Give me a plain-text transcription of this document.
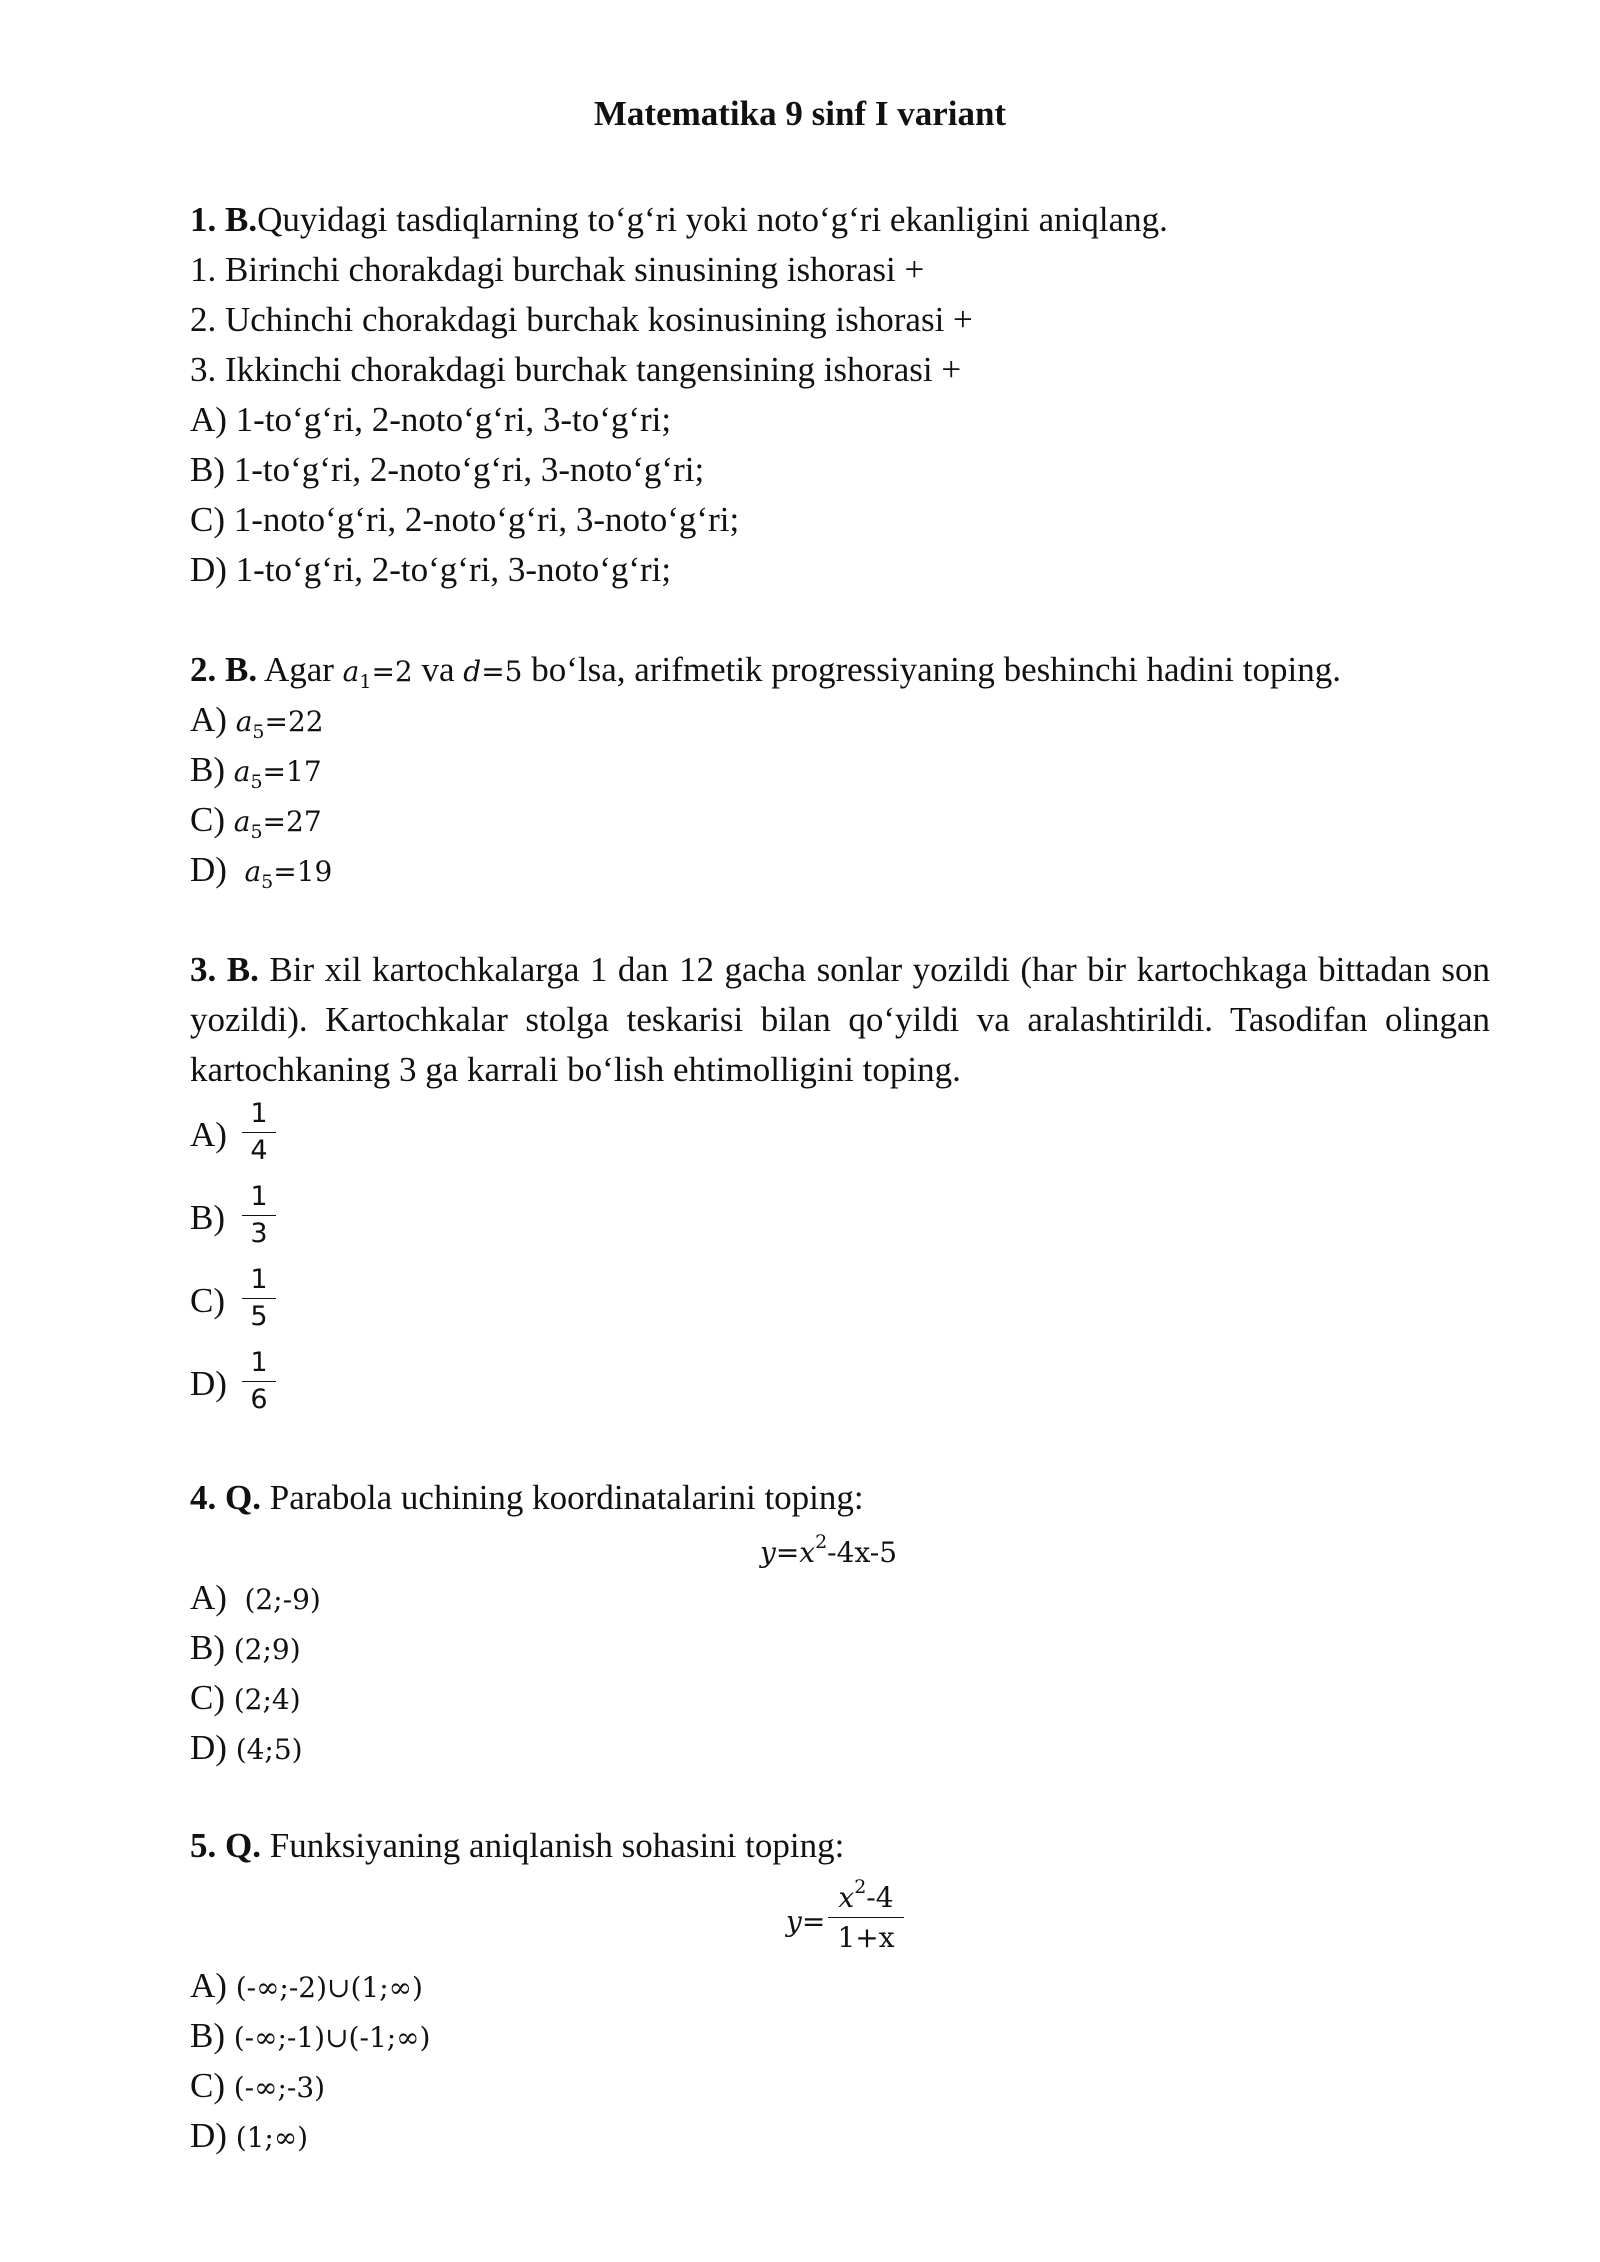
Matematika 9 sinf I variant
1. B.Quyidagi tasdiqlarning to‘g‘ri yoki noto‘g‘ri ekanligini aniqlang.
1. Birinchi chorakdagi burchak sinusining ishorasi +
2. Uchinchi chorakdagi burchak kosinusining ishorasi +
3. Ikkinchi chorakdagi burchak tangensining ishorasi +
A) 1-to‘g‘ri, 2-noto‘g‘ri, 3-to‘g‘ri;
B) 1-to‘g‘ri, 2-noto‘g‘ri, 3-noto‘g‘ri;
C) 1-noto‘g‘ri, 2-noto‘g‘ri, 3-noto‘g‘ri;
D) 1-to‘g‘ri, 2-to‘g‘ri, 3-noto‘g‘ri;
2. B. Agar $a_1=2$ va d=5 bo‘lsa, arifmetik progressiyaning beshinchi hadini toping.
A) $a_5=22$
B) $a_5=17$
C) $a_5=27$
D) $a_5=19$
3. B. Bir xil kartochkalarga 1 dan 12 gacha sonlar yozildi (har bir kartochkaga bittadan son yozildi). Kartochkalar stolga teskarisi bilan qo‘yildi va aralashtirildi. Tasodifan olingan kartochkaning 3 ga karrali bo‘lish ehtimolligini toping.
A)
1
4
B)
1
3
C)
1
5
D)
1
6
4. Q. Parabola uchining koordinatalarini toping:
$y=x^2-4x-5$
A) (2;-9)
B) (2;9)
C) (2;4)
D) (4;5)
5. Q. Funksiyaning aniqlanish sohasini toping:
y=
$x^2-4$
1+x
A) (-∞;-2)∪(1;∞)
B) (-∞;-1)∪(-1;∞)
C) (-∞;-3)
D) (1;∞)
